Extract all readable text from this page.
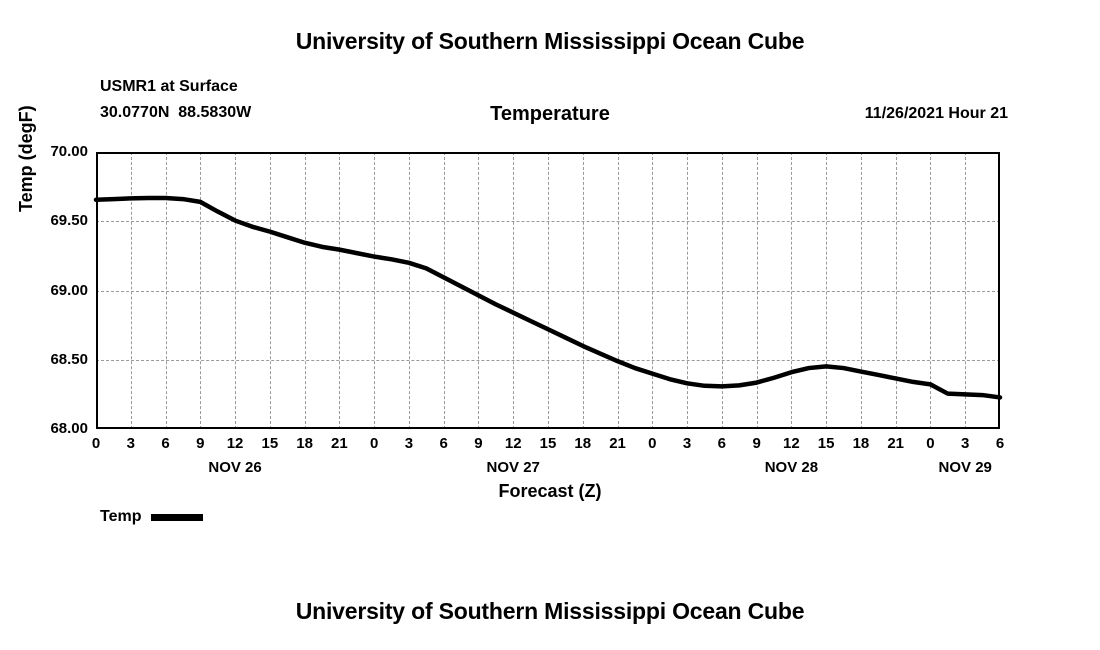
University of Southern Mississippi Ocean Cube
USMR1 at Surface
30.0770N  88.5830W	Temperature	11/26/2021 Hour 21
Temp (degF)
68.00
68.50
69.00
69.50
70.00
0	3	6	9	12 15 18 21	0	3	6	9	12 15 18 21	0	3	6	9	12 15 18 21	0	3	6
NOV 26	NOV 27	NOV 28	NOV 29
Forecast (Z)
Temp
University of Southern Mississippi Ocean Cube
